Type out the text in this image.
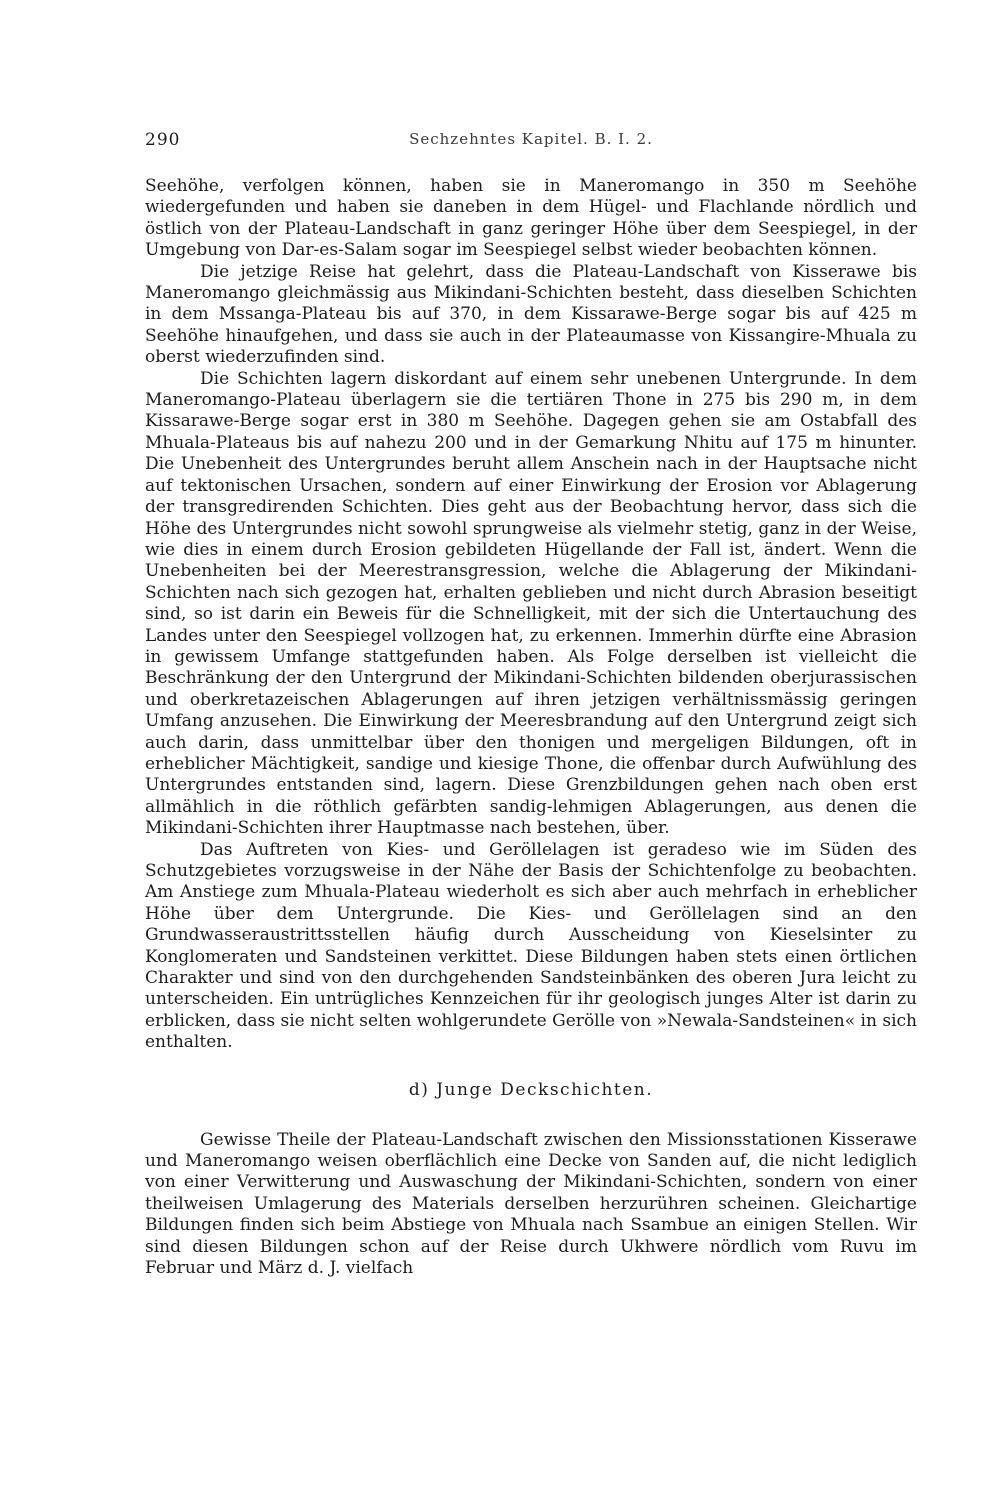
290	Sechzehntes Kapitel. B. I. 2.

Seehöhe, verfolgen können, haben sie in Maneromango in 350 m Seehöhe wiedergefunden und haben sie daneben in dem Hügel- und Flachlande nördlich und östlich von der Plateau-Landschaft in ganz geringer Höhe über dem Seespiegel, in der Umgebung von Dar-es-Salam sogar im Seespiegel selbst wieder beobachten können.

Die jetzige Reise hat gelehrt, dass die Plateau-Landschaft von Kisserawe bis Maneromango gleichmässig aus Mikindani-Schichten besteht, dass dieselben Schichten in dem Mssanga-Plateau bis auf 370, in dem Kissarawe-Berge sogar bis auf 425 m Seehöhe hinaufgehen, und dass sie auch in der Plateaumasse von Kissangire-Mhuala zu oberst wiederzufinden sind.

Die Schichten lagern diskordant auf einem sehr unebenen Untergrunde. In dem Maneromango-Plateau überlagern sie die tertiären Thone in 275 bis 290 m, in dem Kissarawe-Berge sogar erst in 380 m Seehöhe. Dagegen gehen sie am Ostabfall des Mhuala-Plateaus bis auf nahezu 200 und in der Gemarkung Nhitu auf 175 m hinunter. Die Unebenheit des Untergrundes beruht allem Anschein nach in der Hauptsache nicht auf tektonischen Ursachen, sondern auf einer Einwirkung der Erosion vor Ablagerung der transgredirenden Schichten. Dies geht aus der Beobachtung hervor, dass sich die Höhe des Untergrundes nicht sowohl sprungweise als vielmehr stetig, ganz in der Weise, wie dies in einem durch Erosion gebildeten Hügellande der Fall ist, ändert. Wenn die Unebenheiten bei der Meerestransgression, welche die Ablagerung der Mikindani-Schichten nach sich gezogen hat, erhalten geblieben und nicht durch Abrasion beseitigt sind, so ist darin ein Beweis für die Schnelligkeit, mit der sich die Untertauchung des Landes unter den Seespiegel vollzogen hat, zu erkennen. Immerhin dürfte eine Abrasion in gewissem Umfange stattgefunden haben. Als Folge derselben ist vielleicht die Beschränkung der den Untergrund der Mikindani-Schichten bildenden oberjurassischen und oberkretazeischen Ablagerungen auf ihren jetzigen verhältnissmässig geringen Umfang anzusehen. Die Einwirkung der Meeresbrandung auf den Untergrund zeigt sich auch darin, dass unmittelbar über den thonigen und mergeligen Bildungen, oft in erheblicher Mächtigkeit, sandige und kiesige Thone, die offenbar durch Aufwühlung des Untergrundes entstanden sind, lagern. Diese Grenzbildungen gehen nach oben erst allmählich in die röthlich gefärbten sandig-lehmigen Ablagerungen, aus denen die Mikindani-Schichten ihrer Hauptmasse nach bestehen, über.

Das Auftreten von Kies- und Geröllelagen ist geradeso wie im Süden des Schutzgebietes vorzugsweise in der Nähe der Basis der Schichtenfolge zu beobachten. Am Anstiege zum Mhuala-Plateau wiederholt es sich aber auch mehrfach in erheblicher Höhe über dem Untergrunde. Die Kies- und Geröllelagen sind an den Grundwasseraustrittsstellen häufig durch Ausscheidung von Kieselsinter zu Konglomeraten und Sandsteinen verkittet. Diese Bildungen haben stets einen örtlichen Charakter und sind von den durchgehenden Sandsteinbänken des oberen Jura leicht zu unterscheiden. Ein untrügliches Kennzeichen für ihr geologisch junges Alter ist darin zu erblicken, dass sie nicht selten wohlgerundete Gerölle von »Newala-Sandsteinen« in sich enthalten.

d) Junge Deckschichten.

Gewisse Theile der Plateau-Landschaft zwischen den Missionsstationen Kisserawe und Maneromango weisen oberflächlich eine Decke von Sanden auf, die nicht lediglich von einer Verwitterung und Auswaschung der Mikindani-Schichten, sondern von einer theilweisen Umlagerung des Materials derselben herzurühren scheinen. Gleichartige Bildungen finden sich beim Abstiege von Mhuala nach Ssambue an einigen Stellen. Wir sind diesen Bildungen schon auf der Reise durch Ukhwere nördlich vom Ruvu im Februar und März d. J. vielfach
